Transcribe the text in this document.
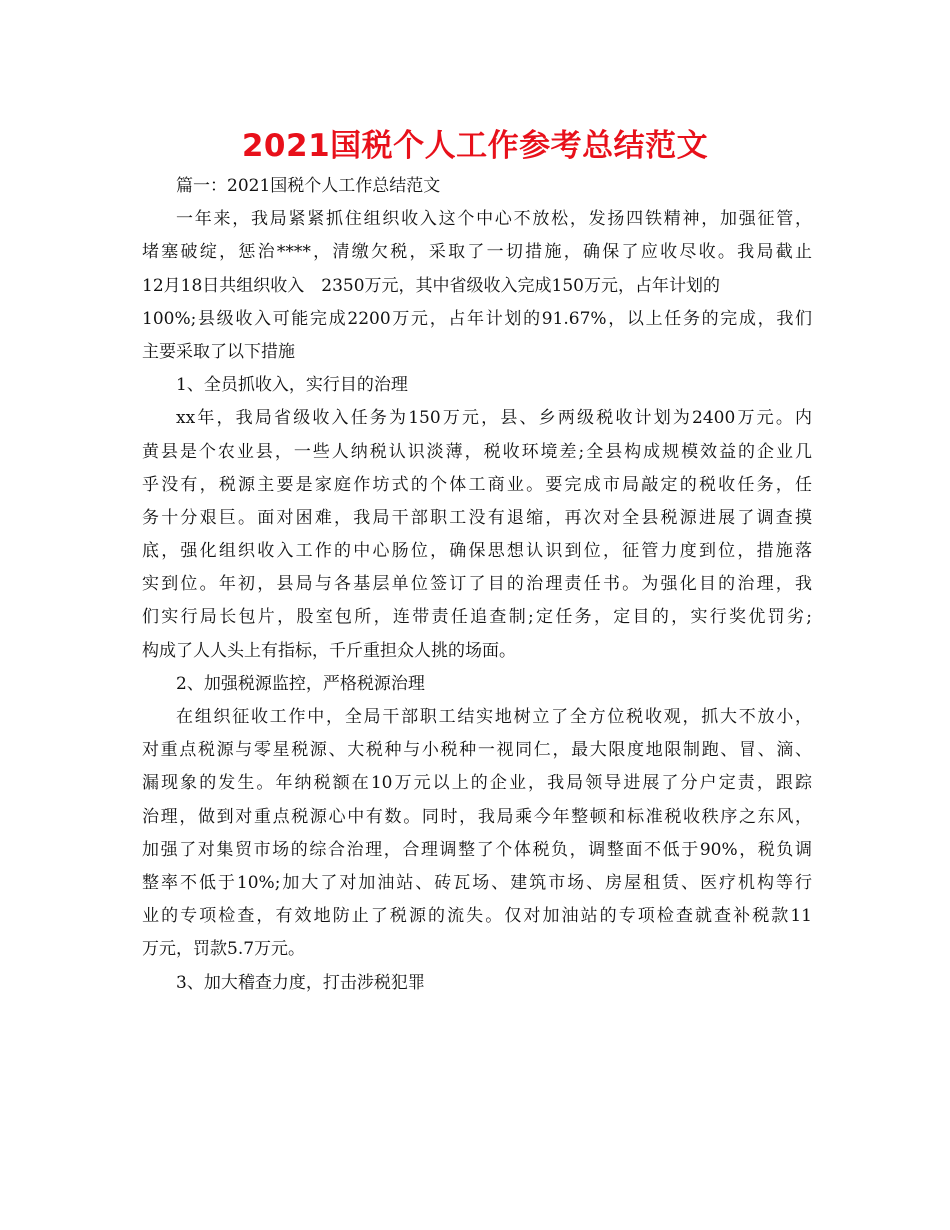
2021国税个人工作参考总结范文
篇一：2021国税个人工作总结范文
一年来，我局紧紧抓住组织收入这个中心不放松，发扬四铁精神，加强征管，
堵塞破绽，惩治****，清缴欠税，采取了一切措施，确保了应收尽收。我局截止
12月18日共组织收入　2350万元，其中省级收入完成150万元，占年计划的
100%;县级收入可能完成2200万元，占年计划的91.67%，以上任务的完成，我们
主要采取了以下措施
1、全员抓收入，实行目的治理
xx年，我局省级收入任务为150万元，县、乡两级税收计划为2400万元。内
黄县是个农业县，一些人纳税认识淡薄，税收环境差;全县构成规模效益的企业几
乎没有，税源主要是家庭作坊式的个体工商业。要完成市局敲定的税收任务，任
务十分艰巨。面对困难，我局干部职工没有退缩，再次对全县税源进展了调查摸
底，强化组织收入工作的中心肠位，确保思想认识到位，征管力度到位，措施落
实到位。年初，县局与各基层单位签订了目的治理责任书。为强化目的治理，我
们实行局长包片，股室包所，连带责任追查制;定任务，定目的，实行奖优罚劣;
构成了人人头上有指标，千斤重担众人挑的场面。
2、加强税源监控，严格税源治理
在组织征收工作中，全局干部职工结实地树立了全方位税收观，抓大不放小，
对重点税源与零星税源、大税种与小税种一视同仁，最大限度地限制跑、冒、滴、
漏现象的发生。年纳税额在10万元以上的企业，我局领导进展了分户定责，跟踪
治理，做到对重点税源心中有数。同时，我局乘今年整顿和标准税收秩序之东风，
加强了对集贸市场的综合治理，合理调整了个体税负，调整面不低于90%，税负调
整率不低于10%;加大了对加油站、砖瓦场、建筑市场、房屋租赁、医疗机构等行
业的专项检查，有效地防止了税源的流失。仅对加油站的专项检查就查补税款11
万元，罚款5.7万元。
3、加大稽查力度，打击涉税犯罪
